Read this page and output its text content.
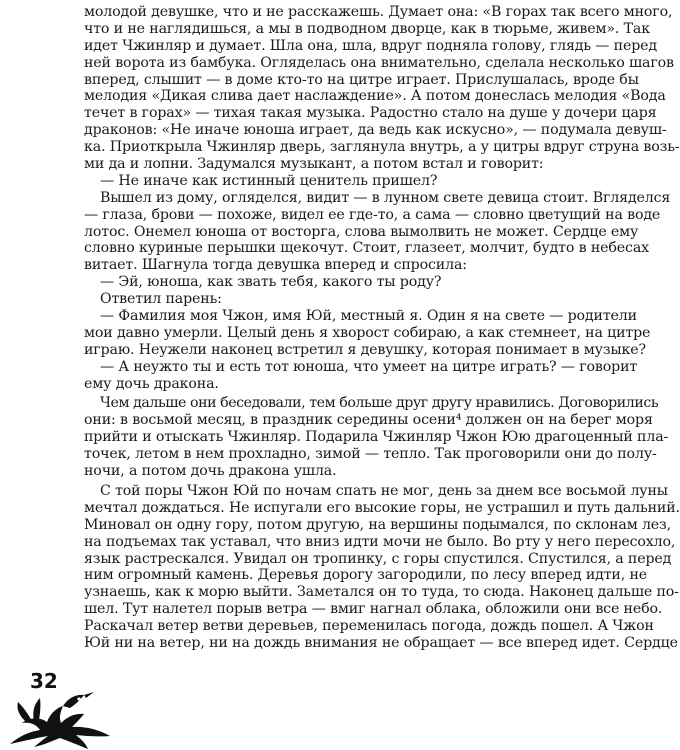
молодой девушке, что и не расскажешь. Думает она: «В горах так всего много,
что и не наглядишься, а мы в подводном дворце, как в тюрьме, живем». Так
идет Чжинляр и думает. Шла она, шла, вдруг подняла голову, глядь — перед
ней ворота из бамбука. Огляделась она внимательно, сделала несколько шагов
вперед, слышит — в доме кто-то на цитре играет. Прислушалась, вроде бы
мелодия «Дикая слива дает наслаждение». А потом донеслась мелодия «Вода
течет в горах» — тихая такая музыка. Радостно стало на душе у дочери царя
драконов: «Не иначе юноша играет, да ведь как искусно», — подумала девуш-
ка. Приоткрыла Чжинляр дверь, заглянула внутрь, а у цитры вдруг струна возь-
ми да и лопни. Задумался музыкант, а потом встал и говорит:
— Не иначе как истинный ценитель пришел?
Вышел из дому, огляделся, видит — в лунном свете девица стоит. Вгляделся
— глаза, брови — похоже, видел ее где-то, а сама — словно цветущий на воде
лотос. Онемел юноша от восторга, слова вымолвить не может. Сердце ему
словно куриные перышки щекочут. Стоит, глазеет, молчит, будто в небесах
витает. Шагнула тогда девушка вперед и спросила:
— Эй, юноша, как звать тебя, какого ты роду?
Ответил парень:
— Фамилия моя Чжон, имя Юй, местный я. Один я на свете — родители
мои давно умерли. Целый день я хворост собираю, а как стемнеет, на цитре
играю. Неужели наконец встретил я девушку, которая понимает в музыке?
— А неужто ты и есть тот юноша, что умеет на цитре играть? — говорит
ему дочь дракона.
Чем дальше они беседовали, тем больше друг другу нравились. Договорились
они: в восьмой месяц, в праздник середины осени⁴ должен он на берег моря
прийти и отыскать Чжинляр. Подарила Чжинляр Чжон Юю драгоценный пла-
точек, летом в нем прохладно, зимой — тепло. Так проговорили они до полу-
ночи, а потом дочь дракона ушла.
С той поры Чжон Юй по ночам спать не мог, день за днем все восьмой луны
мечтал дождаться. Не испугали его высокие горы, не устрашил и путь дальний.
Миновал он одну гору, потом другую, на вершины подымался, по склонам лез,
на подъемах так уставал, что вниз идти мочи не было. Во рту у него пересохло,
язык растрескался. Увидал он тропинку, с горы спустился. Спустился, а перед
ним огромный камень. Деревья дорогу загородили, по лесу вперед идти, не
узнаешь, как к морю выйти. Заметался он то туда, то сюда. Наконец дальше по-
шел. Тут налетел порыв ветра — вмиг нагнал облака, обложили они все небо.
Раскачал ветер ветви деревьев, переменилась погода, дождь пошел. А Чжон
Юй ни на ветер, ни на дождь внимания не обращает — все вперед идет. Сердце
32
